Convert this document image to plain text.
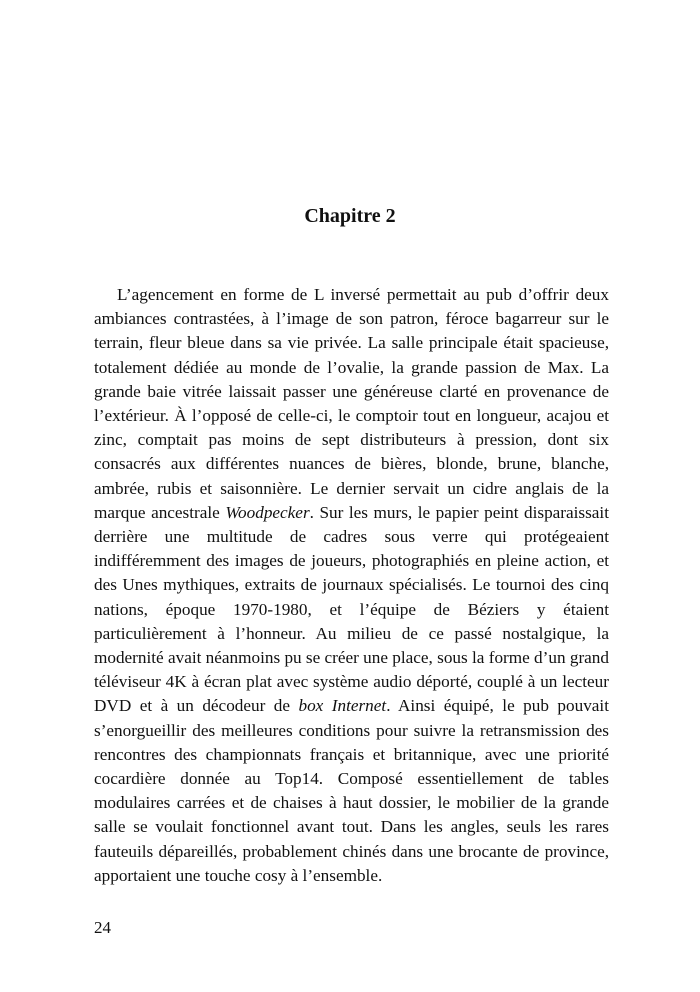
Chapitre 2

L’agencement en forme de L inversé permettait au pub d’offrir deux ambiances contrastées, à l’image de son patron, féroce bagarreur sur le terrain, fleur bleue dans sa vie privée. La salle principale était spacieuse, totalement dédiée au monde de l’ovalie, la grande passion de Max. La grande baie vitrée laissait passer une généreuse clarté en provenance de l’extérieur. À l’opposé de celle-ci, le comptoir tout en longueur, acajou et zinc, comptait pas moins de sept distributeurs à pression, dont six consacrés aux différentes nuances de bières, blonde, brune, blanche, ambrée, rubis et saisonnière. Le dernier servait un cidre anglais de la marque ancestrale Woodpecker. Sur les murs, le papier peint disparaissait derrière une multitude de cadres sous verre qui protégeaient indifféremment des images de joueurs, photographiés en pleine action, et des Unes mythiques, extraits de journaux spécialisés. Le tournoi des cinq nations, époque 1970-1980, et l’équipe de Béziers y étaient particulièrement à l’honneur. Au milieu de ce passé nostalgique, la modernité avait néanmoins pu se créer une place, sous la forme d’un grand téléviseur 4K à écran plat avec système audio déporté, couplé à un lecteur DVD et à un décodeur de box Internet. Ainsi équipé, le pub pouvait s’enorgueillir des meilleures conditions pour suivre la retransmission des rencontres des championnats français et britannique, avec une priorité cocardière donnée au Top14. Composé essentiellement de tables modulaires carrées et de chaises à haut dossier, le mobilier de la grande salle se voulait fonctionnel avant tout. Dans les angles, seuls les rares fauteuils dépareillés, probablement chinés dans une brocante de province, apportaient une touche cosy à l’ensemble.

24
